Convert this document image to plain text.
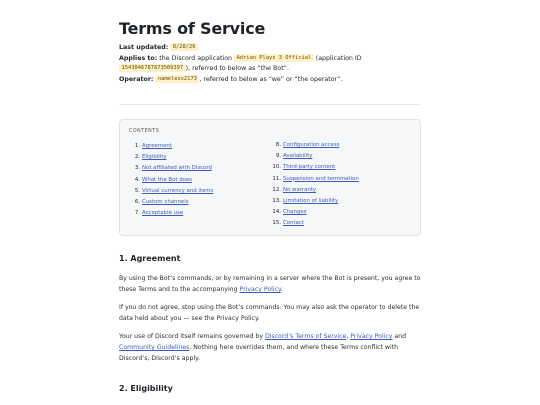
Terms of Service
Last updated: 8/28/26
Applies to: the Discord application Adrian Plays 3 Official (application ID 1543046787873509397 ), referred to below as “the Bot”.
Operator: nameless2173 , referred to below as “we” or “the operator”.
CONTENTS
1. Agreement
2. Eligibility
3. Not affiliated with Discord
4. What the Bot does
5. Virtual currency and items
6. Custom channels
7. Acceptable use
8. Configuration access
9. Availability
10. Third-party content
11. Suspension and termination
12. No warranty
13. Limitation of liability
14. Changes
15. Contact
1. Agreement

By using the Bot’s commands, or by remaining in a server where the Bot is present, you agree to these Terms and to the accompanying Privacy Policy.

If you do not agree, stop using the Bot’s commands. You may also ask the operator to delete the data held about you — see the Privacy Policy.

Your use of Discord itself remains governed by Discord’s Terms of Service, Privacy Policy and Community Guidelines. Nothing here overrides them, and where these Terms conflict with Discord’s, Discord’s apply.

2. Eligibility
